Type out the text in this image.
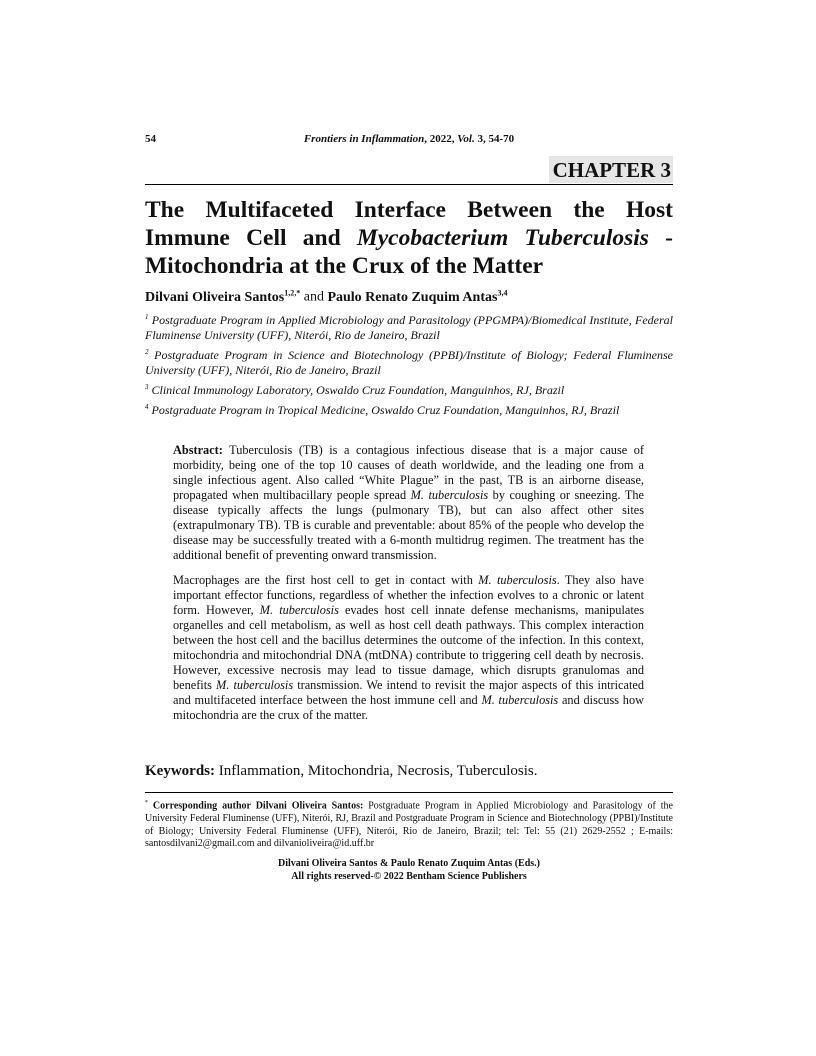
54	Frontiers in Inflammation, 2022, Vol. 3, 54-70
CHAPTER 3
The Multifaceted Interface Between the Host
Immune Cell and Mycobacterium Tuberculosis -
Mitochondria at the Crux of the Matter
Dilvani Oliveira Santos$^{1,2,*}$ and Paulo Renato Zuquim Antas$^{3,4}$
$^1$ Postgraduate Program in Applied Microbiology and Parasitology (PPGMPA)/Biomedical Institute, Federal Fluminense University (UFF), Niterói, Rio de Janeiro, Brazil
$^2$ Postgraduate Program in Science and Biotechnology (PPBI)/Institute of Biology; Federal Fluminense University (UFF), Niterói, Rio de Janeiro, Brazil
$^3$ Clinical Immunology Laboratory, Oswaldo Cruz Foundation, Manguinhos, RJ, Brazil
$^4$ Postgraduate Program in Tropical Medicine, Oswaldo Cruz Foundation, Manguinhos, RJ, Brazil

Abstract: Tuberculosis (TB) is a contagious infectious disease that is a major cause of morbidity, being one of the top 10 causes of death worldwide, and the leading one from a single infectious agent. Also called “White Plague” in the past, TB is an airborne disease, propagated when multibacillary people spread M. tuberculosis by coughing or sneezing. The disease typically affects the lungs (pulmonary TB), but can also affect other sites (extrapulmonary TB). TB is curable and preventable: about 85% of the people who develop the disease may be successfully treated with a 6-month multidrug regimen. The treatment has the additional benefit of preventing onward transmission.

Macrophages are the first host cell to get in contact with M. tuberculosis. They also have important effector functions, regardless of whether the infection evolves to a chronic or latent form. However, M. tuberculosis evades host cell innate defense mechanisms, manipulates organelles and cell metabolism, as well as host cell death pathways. This complex interaction between the host cell and the bacillus determines the outcome of the infection. In this context, mitochondria and mitochondrial DNA (mtDNA) contribute to triggering cell death by necrosis. However, excessive necrosis may lead to tissue damage, which disrupts granulomas and benefits M. tuberculosis transmission. We intend to revisit the major aspects of this intricated and multifaceted interface between the host immune cell and M. tuberculosis and discuss how mitochondria are the crux of the matter.

Keywords: Inflammation, Mitochondria, Necrosis, Tuberculosis.
* Corresponding author Dilvani Oliveira Santos: Postgraduate Program in Applied Microbiology and Parasitology of the University Federal Fluminense (UFF), Niterói, RJ, Brazil and Postgraduate Program in Science and Biotechnology (PPBI)/Institute of Biology; University Federal Fluminense (UFF), Niterói, Rio de Janeiro, Brazil; tel: Tel: 55 (21) 2629-2552 ; E-mails: santosdilvani2@gmail.com and dilvanioliveira@id.uff.br
Dilvani Oliveira Santos & Paulo Renato Zuquim Antas (Eds.)
All rights reserved-© 2022 Bentham Science Publishers
